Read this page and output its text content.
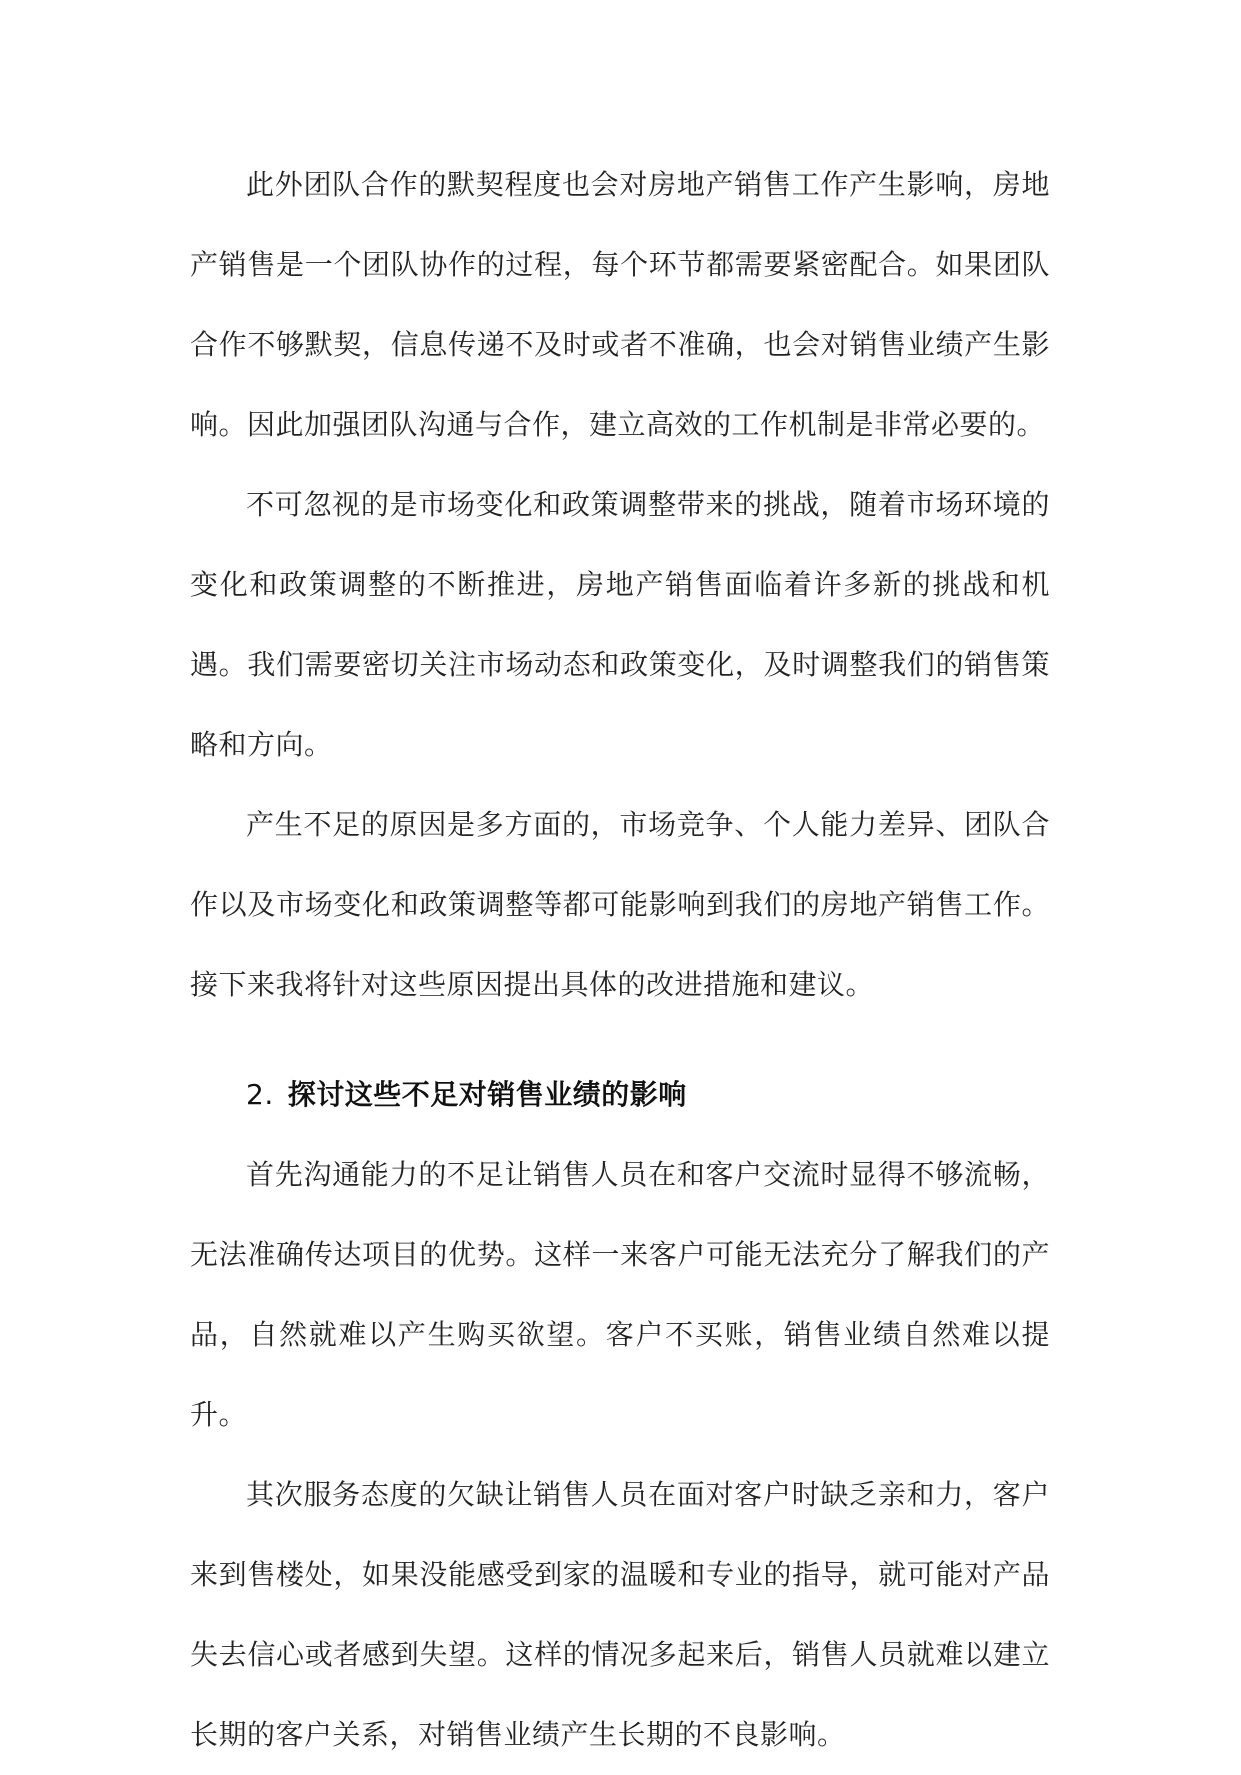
此外团队合作的默契程度也会对房地产销售工作产生影响，房地产销售是一个团队协作的过程，每个环节都需要紧密配合。如果团队合作不够默契，信息传递不及时或者不准确，也会对销售业绩产生影响。因此加强团队沟通与合作，建立高效的工作机制是非常必要的。

不可忽视的是市场变化和政策调整带来的挑战，随着市场环境的变化和政策调整的不断推进，房地产销售面临着许多新的挑战和机遇。我们需要密切关注市场动态和政策变化，及时调整我们的销售策略和方向。

产生不足的原因是多方面的，市场竞争、个人能力差异、团队合作以及市场变化和政策调整等都可能影响到我们的房地产销售工作。接下来我将针对这些原因提出具体的改进措施和建议。

2. 探讨这些不足对销售业绩的影响

首先沟通能力的不足让销售人员在和客户交流时显得不够流畅，无法准确传达项目的优势。这样一来客户可能无法充分了解我们的产品，自然就难以产生购买欲望。客户不买账，销售业绩自然难以提升。

其次服务态度的欠缺让销售人员在面对客户时缺乏亲和力，客户来到售楼处，如果没能感受到家的温暖和专业的指导，就可能对产品失去信心或者感到失望。这样的情况多起来后，销售人员就难以建立长期的客户关系，对销售业绩产生长期的不良影响。
